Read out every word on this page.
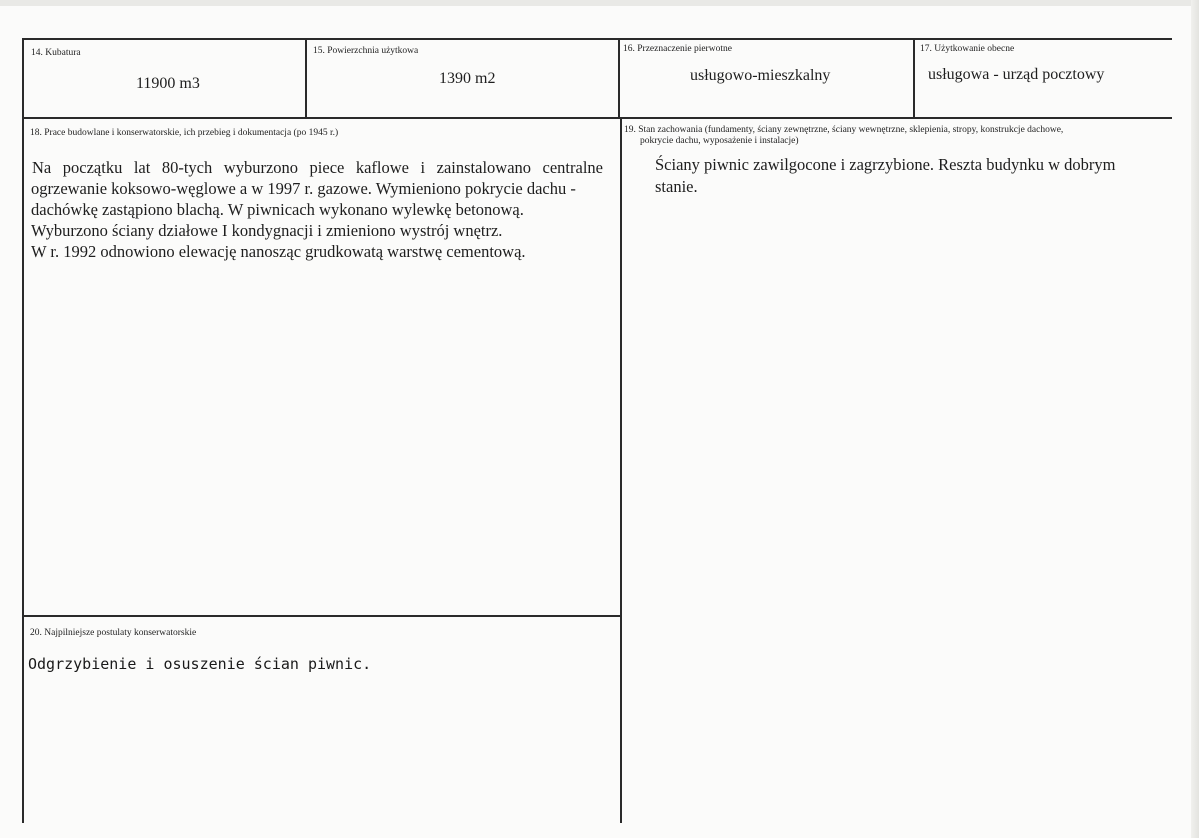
14. Kubatura
11900 m3
15. Powierzchnia użytkowa
1390 m2
16. Przeznaczenie pierwotne
usługowo-mieszkalny
17. Użytkowanie obecne
usługowa - urząd pocztowy
18. Prace budowlane i konserwatorskie, ich przebieg i dokumentacja (po 1945 r.)

Na początku lat 80-tych wyburzono piece kaflowe i zainstalowano centralne

ogrzewanie koksowo-węglowe a w 1997 r. gazowe. Wymieniono pokrycie dachu -

dachówkę zastąpiono blachą. W piwnicach wykonano wylewkę betonową.

Wyburzono ściany działowe I kondygnacji i zmieniono wystrój wnętrz.

W r. 1992 odnowiono elewację nanosząc grudkowatą warstwę cementową.

19. Stan zachowania (fundamenty, ściany zewnętrzne, ściany wewnętrzne, sklepienia, stropy, konstrukcje dachowe,
pokrycie dachu, wyposażenie i instalacje)
Ściany piwnic zawilgocone i zagrzybione. Reszta budynku w dobrym
stanie.
20. Najpilniejsze postulaty konserwatorskie
Odgrzybienie i osuszenie ścian piwnic.
